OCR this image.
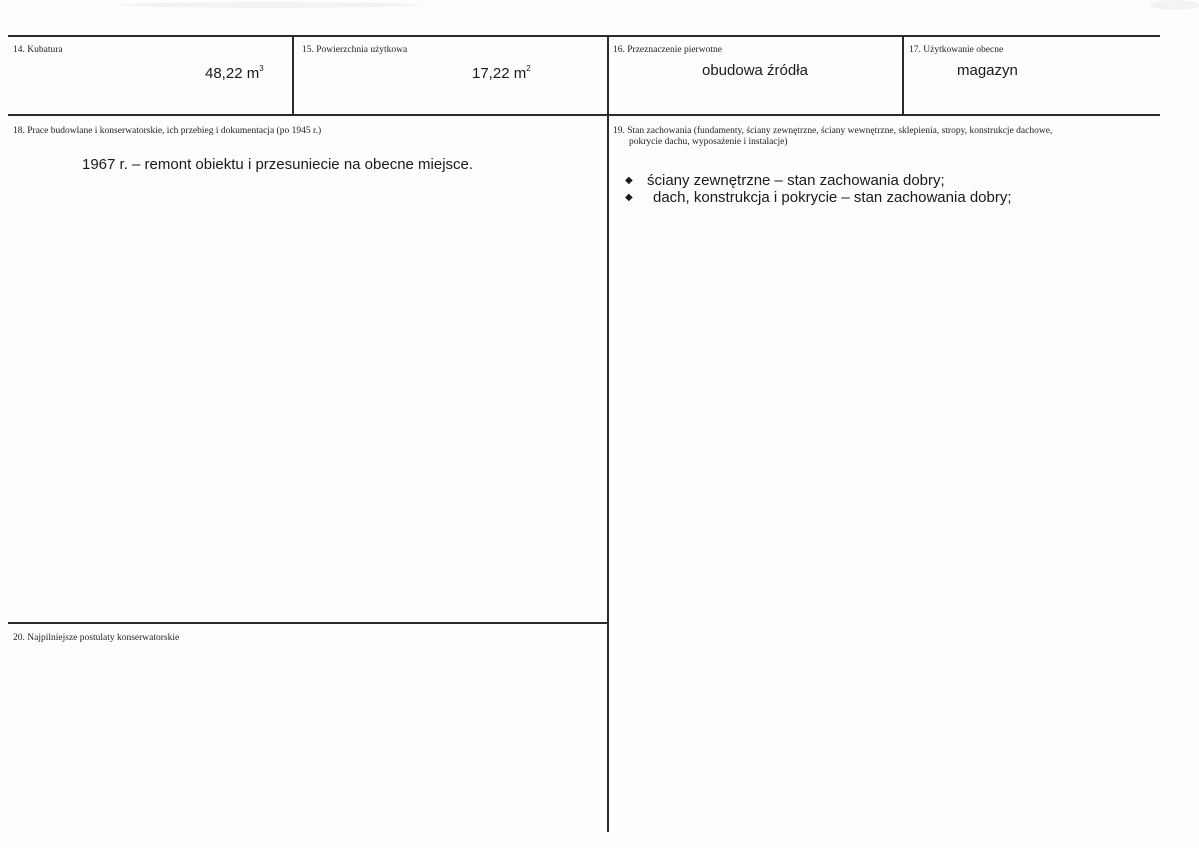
14. Kubatura
48,22 $m^3$
15. Powierzchnia użytkowa
17,22 $m^2$
16. Przeznaczenie pierwotne
obudowa źródła
17. Użytkowanie obecne
magazyn
18. Prace budowlane i konserwatorskie, ich przebieg i dokumentacja (po 1945 r.)
1967 r. – remont obiektu i przesuniecie na obecne miejsce.
19. Stan zachowania (fundamenty, ściany zewnętrzne, ściany wewnętrzne, sklepienia, stropy, konstrukcje dachowe,
pokrycie dachu, wyposażenie i instalacje)
◆ ściany zewnętrzne – stan zachowania dobry;
◆ dach, konstrukcja i pokrycie – stan zachowania dobry;
20. Najpilniejsze postulaty konserwatorskie
